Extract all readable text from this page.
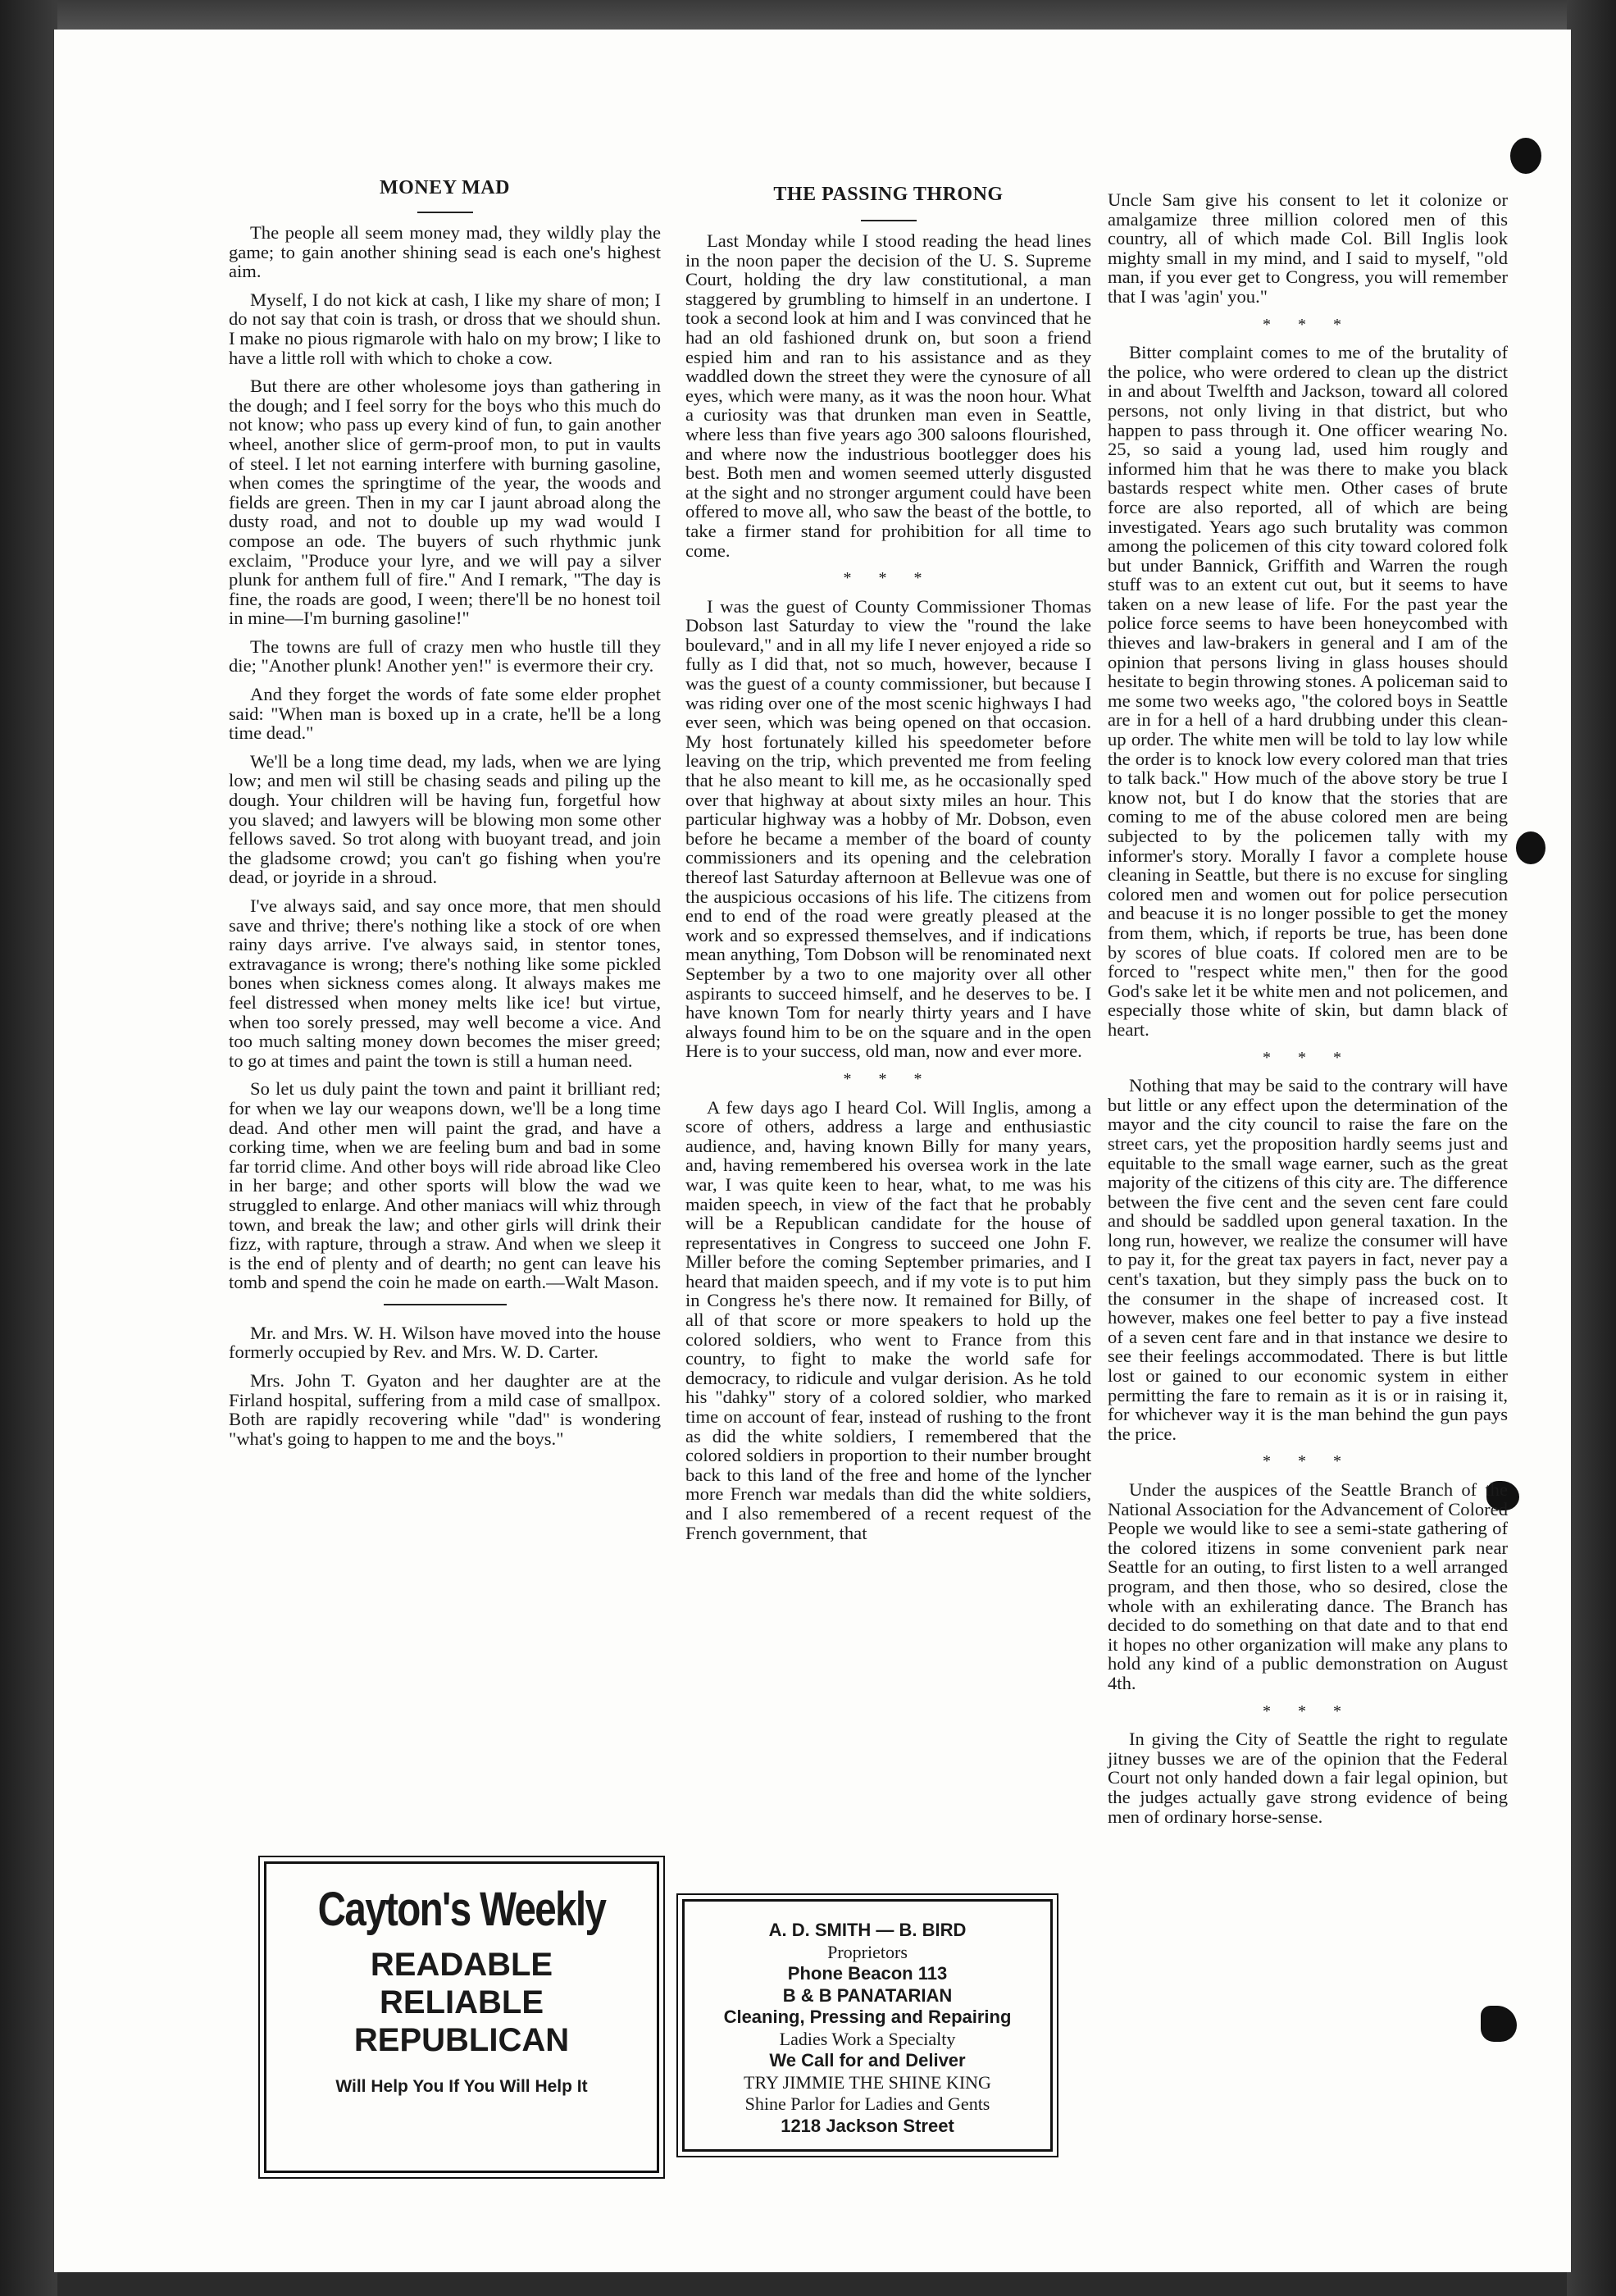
MONEY MAD

The people all seem money mad, they wildly play the game; to gain another shining sead is each one's highest aim.

Myself, I do not kick at cash, I like my share of mon; I do not say that coin is trash, or dross that we should shun. I make no pious rigmarole with halo on my brow; I like to have a little roll with which to choke a cow.

But there are other wholesome joys than gathering in the dough; and I feel sorry for the boys who this much do not know; who pass up every kind of fun, to gain another wheel, another slice of germ-proof mon, to put in vaults of steel. I let not earning interfere with burning gasoline, when comes the springtime of the year, the woods and fields are green. Then in my car I jaunt abroad along the dusty road, and not to double up my wad would I compose an ode. The buyers of such rhythmic junk exclaim, "Produce your lyre, and we will pay a silver plunk for anthem full of fire." And I remark, "The day is fine, the roads are good, I ween; there'll be no honest toil in mine—I'm burning gasoline!"

The towns are full of crazy men who hustle till they die; "Another plunk! Another yen!" is evermore their cry.

And they forget the words of fate some elder prophet said: "When man is boxed up in a crate, he'll be a long time dead."

We'll be a long time dead, my lads, when we are lying low; and men wil still be chasing seads and piling up the dough. Your children will be having fun, forgetful how you slaved; and lawyers will be blowing mon some other fellows saved. So trot along with buoyant tread, and join the gladsome crowd; you can't go fishing when you're dead, or joyride in a shroud.

I've always said, and say once more, that men should save and thrive; there's nothing like a stock of ore when rainy days arrive. I've always said, in stentor tones, extravagance is wrong; there's nothing like some pickled bones when sickness comes along. It always makes me feel distressed when money melts like ice! but virtue, when too sorely pressed, may well become a vice. And too much salting money down becomes the miser greed; to go at times and paint the town is still a human need.

So let us duly paint the town and paint it brilliant red; for when we lay our weapons down, we'll be a long time dead. And other men will paint the grad, and have a corking time, when we are feeling bum and bad in some far torrid clime. And other boys will ride abroad like Cleo in her barge; and other sports will blow the wad we struggled to enlarge. And other maniacs will whiz through town, and break the law; and other girls will drink their fizz, with rapture, through a straw. And when we sleep it is the end of plenty and of dearth; no gent can leave his tomb and spend the coin he made on earth.—Walt Mason.

Mr. and Mrs. W. H. Wilson have moved into the house formerly occupied by Rev. and Mrs. W. D. Carter.

Mrs. John T. Gyaton and her daughter are at the Firland hospital, suffering from a mild case of smallpox. Both are rapidly recovering while "dad" is wondering "what's going to happen to me and the boys."

Cayton's Weekly
READABLE
RELIABLE
REPUBLICAN
Will Help You If You Will Help It
THE PASSING THRONG

Last Monday while I stood reading the head lines in the noon paper the decision of the U. S. Supreme Court, holding the dry law constitutional, a man staggered by grumbling to himself in an undertone. I took a second look at him and I was convinced that he had an old fashioned drunk on, but soon a friend espied him and ran to his assistance and as they waddled down the street they were the cynosure of all eyes, which were many, as it was the noon hour. What a curiosity was that drunken man even in Seattle, where less than five years ago 300 saloons flourished, and where now the industrious bootlegger does his best. Both men and women seemed utterly disgusted at the sight and no stronger argument could have been offered to move all, who saw the beast of the bottle, to take a firmer stand for prohibition for all time to come.

* * *

I was the guest of County Commissioner Thomas Dobson last Saturday to view the "round the lake boulevard," and in all my life I never enjoyed a ride so fully as I did that, not so much, however, because I was the guest of a county commissioner, but because I was riding over one of the most scenic highways I had ever seen, which was being opened on that occasion. My host fortunately killed his speedometer before leaving on the trip, which prevented me from feeling that he also meant to kill me, as he occasionally sped over that highway at about sixty miles an hour. This particular highway was a hobby of Mr. Dobson, even before he became a member of the board of county commissioners and its opening and the celebration thereof last Saturday afternoon at Bellevue was one of the auspicious occasions of his life. The citizens from end to end of the road were greatly pleased at the work and so expressed themselves, and if indications mean anything, Tom Dobson will be renominated next September by a two to one majority over all other aspirants to succeed himself, and he deserves to be. I have known Tom for nearly thirty years and I have always found him to be on the square and in the open Here is to your success, old man, now and ever more.

* * *

A few days ago I heard Col. Will Inglis, among a score of others, address a large and enthusiastic audience, and, having known Billy for many years, and, having remembered his oversea work in the late war, I was quite keen to hear, what, to me was his maiden speech, in view of the fact that he probably will be a Republican candidate for the house of representatives in Congress to succeed one John F. Miller before the coming September primaries, and I heard that maiden speech, and if my vote is to put him in Congress he's there now. It remained for Billy, of all of that score or more speakers to hold up the colored soldiers, who went to France from this country, to fight to make the world safe for democracy, to ridicule and vulgar derision. As he told his "dahky" story of a colored soldier, who marked time on account of fear, instead of rushing to the front as did the white soldiers, I remembered that the colored soldiers in proportion to their number brought back to this land of the free and home of the lyncher more French war medals than did the white soldiers, and I also remembered of a recent request of the French government, that

A. D. SMITH — B. BIRD
Proprietors
Phone Beacon 113
B & B PANATARIAN
Cleaning, Pressing and Repairing
Ladies Work a Specialty
We Call for and Deliver
TRY JIMMIE THE SHINE KING
Shine Parlor for Ladies and Gents
1218 Jackson Street

Uncle Sam give his consent to let it colonize or amalgamize three million colored men of this country, all of which made Col. Bill Inglis look mighty small in my mind, and I said to myself, "old man, if you ever get to Congress, you will remember that I was 'agin' you."

* * *

Bitter complaint comes to me of the brutality of the police, who were ordered to clean up the district in and about Twelfth and Jackson, toward all colored persons, not only living in that district, but who happen to pass through it. One officer wearing No. 25, so said a young lad, used him rougly and informed him that he was there to make you black bastards respect white men. Other cases of brute force are also reported, all of which are being investigated. Years ago such brutality was common among the policemen of this city toward colored folk but under Bannick, Griffith and Warren the rough stuff was to an extent cut out, but it seems to have taken on a new lease of life. For the past year the police force seems to have been honeycombed with thieves and law-brakers in general and I am of the opinion that persons living in glass houses should hesitate to begin throwing stones. A policeman said to me some two weeks ago, "the colored boys in Seattle are in for a hell of a hard drubbing under this clean-up order. The white men will be told to lay low while the order is to knock low every colored man that tries to talk back." How much of the above story be true I know not, but I do know that the stories that are coming to me of the abuse colored men are being subjected to by the policemen tally with my informer's story. Morally I favor a complete house cleaning in Seattle, but there is no excuse for singling colored men and women out for police persecution and beacuse it is no longer possible to get the money from them, which, if reports be true, has been done by scores of blue coats. If colored men are to be forced to "respect white men," then for the good God's sake let it be white men and not policemen, and especially those white of skin, but damn black of heart.

* * *

Nothing that may be said to the contrary will have but little or any effect upon the determination of the mayor and the city council to raise the fare on the street cars, yet the proposition hardly seems just and equitable to the small wage earner, such as the great majority of the citizens of this city are. The difference between the five cent and the seven cent fare could and should be saddled upon general taxation. In the long run, however, we realize the consumer will have to pay it, for the great tax payers in fact, never pay a cent's taxation, but they simply pass the buck on to the consumer in the shape of increased cost. It however, makes one feel better to pay a five instead of a seven cent fare and in that instance we desire to see their feelings accommodated. There is but little lost or gained to our economic system in either permitting the fare to remain as it is or in raising it, for whichever way it is the man behind the gun pays the price.

* * *

Under the auspices of the Seattle Branch of the National Association for the Advancement of Colored People we would like to see a semi-state gathering of the colored itizens in some convenient park near Seattle for an outing, to first listen to a well arranged program, and then those, who so desired, close the whole with an exhilerating dance. The Branch has decided to do something on that date and to that end it hopes no other organization will make any plans to hold any kind of a public demonstration on August 4th.

* * *

In giving the City of Seattle the right to regulate jitney busses we are of the opinion that the Federal Court not only handed down a fair legal opinion, but the judges actually gave strong evidence of being men of ordinary horse-sense.
